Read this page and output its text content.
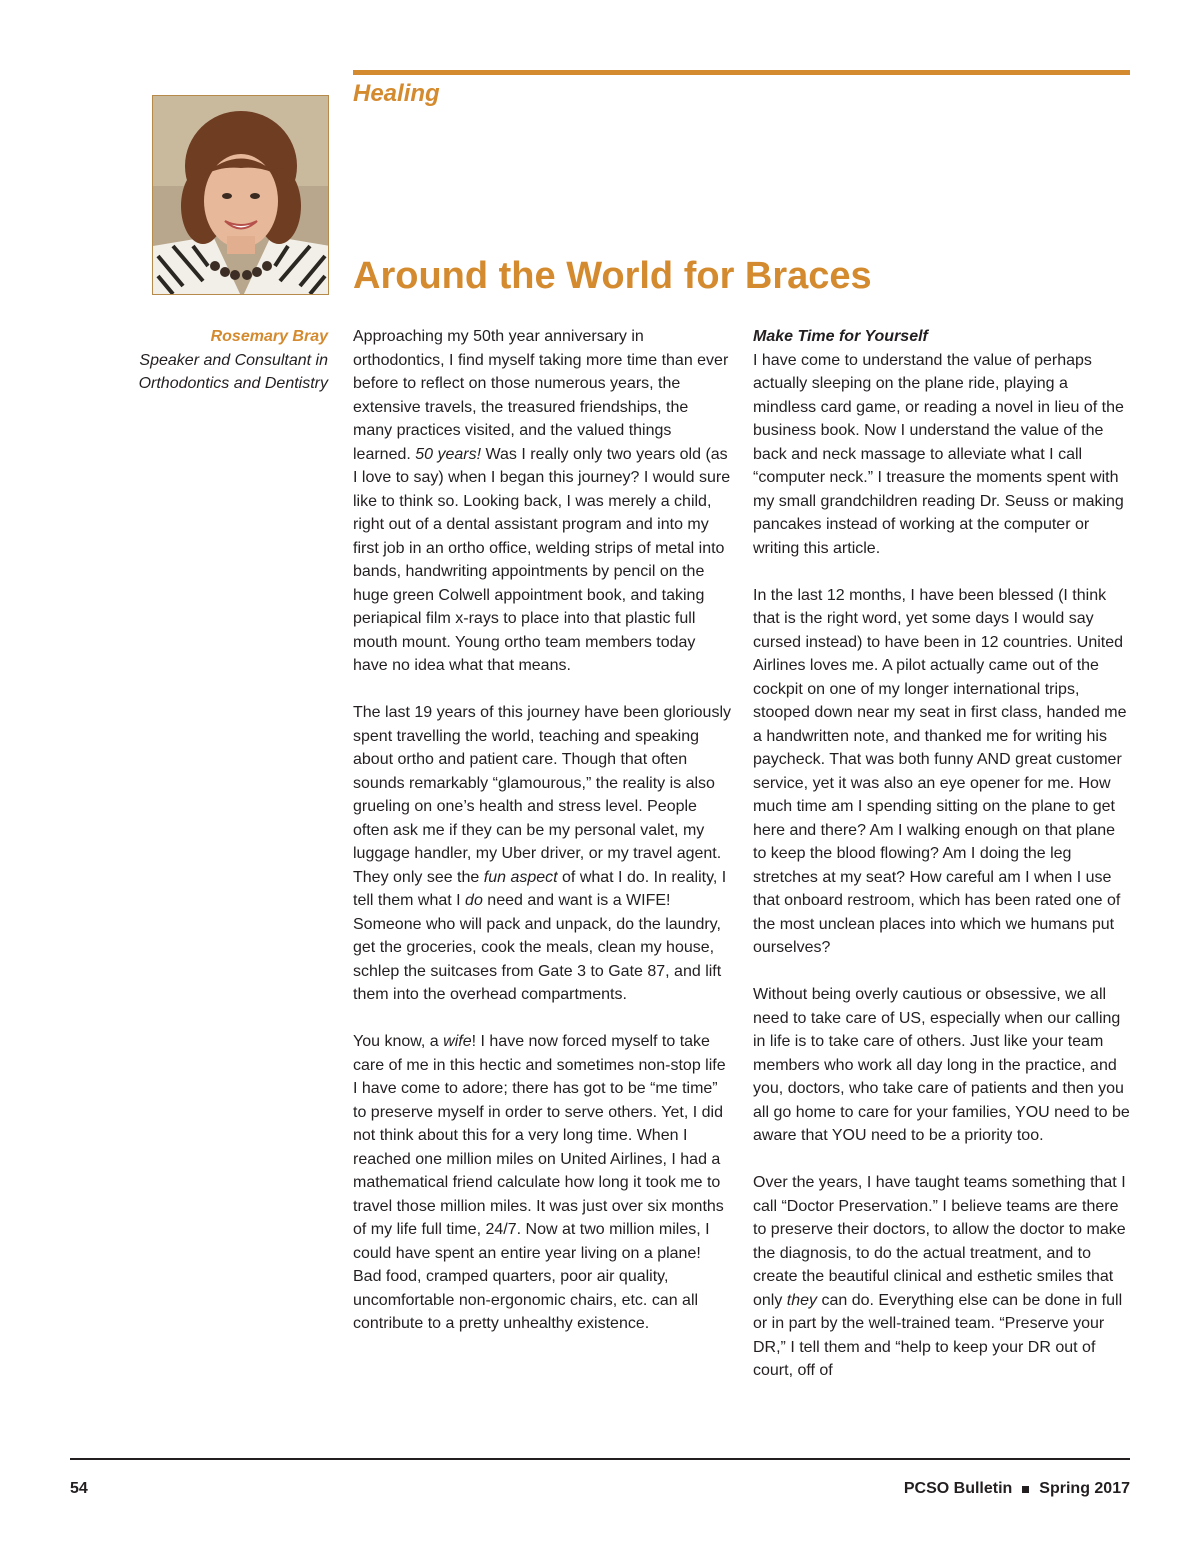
Healing
Around the World for Braces
Rosemary Bray
Speaker and Consultant in
Orthodontics and Dentistry

Approaching my 50th year anniversary in orthodontics, I find myself taking more time than ever before to reflect on those numerous years, the extensive travels, the treasured friendships, the many practices visited, and the valued things learned. 50 years! Was I really only two years old (as I love to say) when I began this journey? I would sure like to think so. Looking back, I was merely a child, right out of a dental assistant program and into my first job in an ortho office, welding strips of metal into bands, handwriting appointments by pencil on the huge green Colwell appointment book, and taking periapical film x-rays to place into that plastic full mouth mount. Young ortho team members today have no idea what that means.

The last 19 years of this journey have been gloriously spent travelling the world, teaching and speaking about ortho and patient care. Though that often sounds remarkably “glamourous,” the reality is also grueling on one’s health and stress level. People often ask me if they can be my personal valet, my luggage handler, my Uber driver, or my travel agent. They only see the fun aspect of what I do. In reality, I tell them what I do need and want is a WIFE! Someone who will pack and unpack, do the laundry, get the groceries, cook the meals, clean my house, schlep the suitcases from Gate 3 to Gate 87, and lift them into the overhead compartments.

You know, a wife! I have now forced myself to take care of me in this hectic and sometimes non-stop life I have come to adore; there has got to be “me time” to preserve myself in order to serve others. Yet, I did not think about this for a very long time. When I reached one million miles on United Airlines, I had a mathematical friend calculate how long it took me to travel those million miles. It was just over six months of my life full time, 24/7. Now at two million miles, I could have spent an entire year living on a plane! Bad food, cramped quarters, poor air quality, uncomfortable non-ergonomic chairs, etc. can all contribute to a pretty unhealthy existence.

Make Time for Yourself

I have come to understand the value of perhaps actually sleeping on the plane ride, playing a mindless card game, or reading a novel in lieu of the business book. Now I understand the value of the back and neck massage to alleviate what I call “computer neck.” I treasure the moments spent with my small grandchildren reading Dr. Seuss or making pancakes instead of working at the computer or writing this article.

In the last 12 months, I have been blessed (I think that is the right word, yet some days I would say cursed instead) to have been in 12 countries. United Airlines loves me. A pilot actually came out of the cockpit on one of my longer international trips, stooped down near my seat in first class, handed me a handwritten note, and thanked me for writing his paycheck. That was both funny AND great customer service, yet it was also an eye opener for me. How much time am I spending sitting on the plane to get here and there? Am I walking enough on that plane to keep the blood flowing? Am I doing the leg stretches at my seat? How careful am I when I use that onboard restroom, which has been rated one of the most unclean places into which we humans put ourselves?

Without being overly cautious or obsessive, we all need to take care of US, especially when our calling in life is to take care of others. Just like your team members who work all day long in the practice, and you, doctors, who take care of patients and then you all go home to care for your families, YOU need to be aware that YOU need to be a priority too.

Over the years, I have taught teams something that I call “Doctor Preservation.” I believe teams are there to preserve their doctors, to allow the doctor to make the diagnosis, to do the actual treatment, and to create the beautiful clinical and esthetic smiles that only they can do. Everything else can be done in full or in part by the well-trained team. “Preserve your DR,” I tell them and “help to keep your DR out of court, off of

54	PCSO Bulletin Spring 2017
